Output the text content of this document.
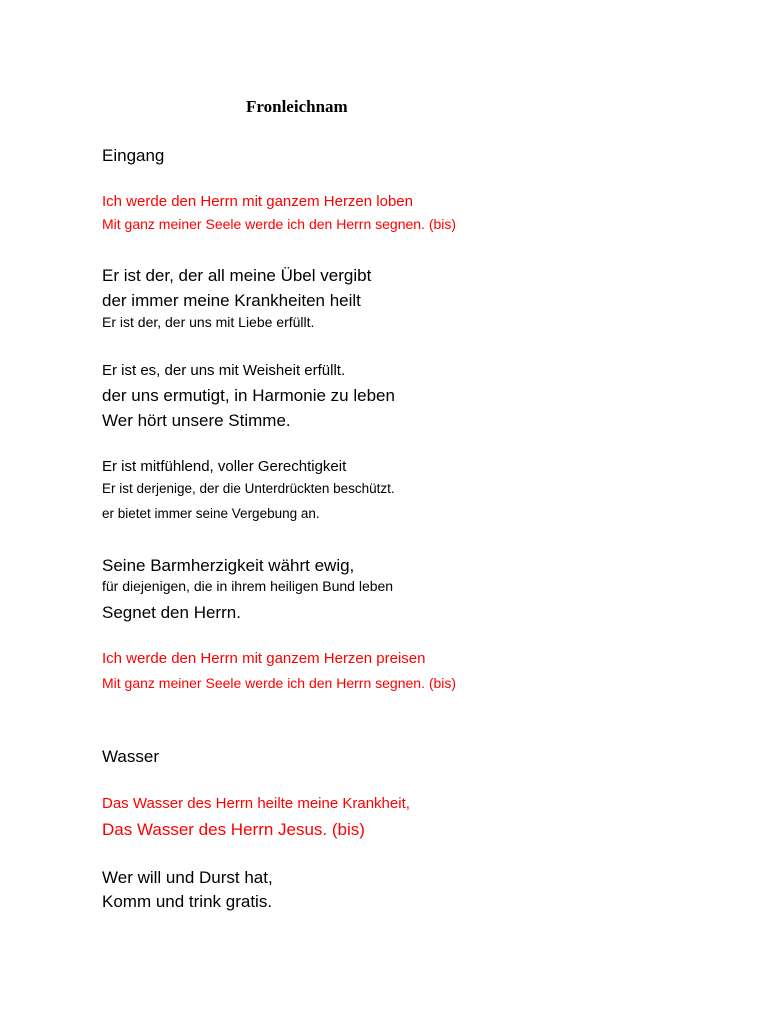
Fronleichnam
Eingang
Ich werde den Herrn mit ganzem Herzen loben
Mit ganz meiner Seele werde ich den Herrn segnen. (bis)
Er ist der, der all meine Übel vergibt
der immer meine Krankheiten heilt
Er ist der, der uns mit Liebe erfüllt.
Er ist es, der uns mit Weisheit erfüllt.
der uns ermutigt, in Harmonie zu leben
Wer hört unsere Stimme.
Er ist mitfühlend, voller Gerechtigkeit
Er ist derjenige, der die Unterdrückten beschützt.
er bietet immer seine Vergebung an.
Seine Barmherzigkeit währt ewig,
für diejenigen, die in ihrem heiligen Bund leben
Segnet den Herrn.
Ich werde den Herrn mit ganzem Herzen preisen
Mit ganz meiner Seele werde ich den Herrn segnen. (bis)
Wasser
Das Wasser des Herrn heilte meine Krankheit,
Das Wasser des Herrn Jesus. (bis)
Wer will und Durst hat,
Komm und trink gratis.
